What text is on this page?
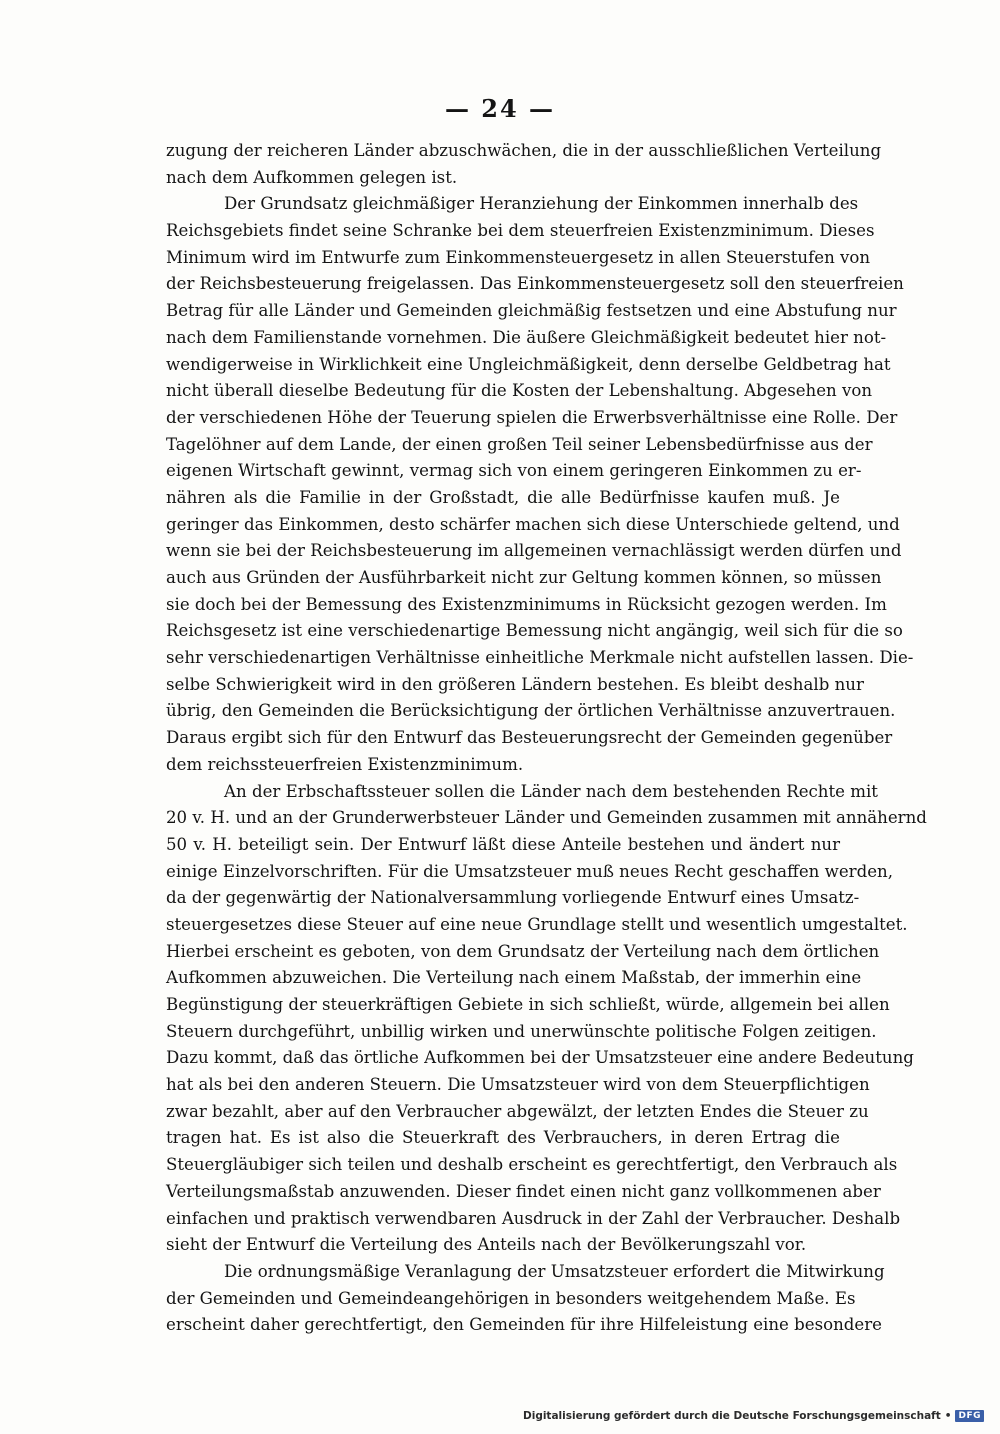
— 24 —
zugung der reicheren Länder abzuschwächen, die in der ausschließlichen Verteilung
nach dem Aufkommen gelegen ist.
Der Grundsatz gleichmäßiger Heranziehung der Einkommen innerhalb des
Reichsgebiets findet seine Schranke bei dem steuerfreien Existenzminimum. Dieses
Minimum wird im Entwurfe zum Einkommensteuergesetz in allen Steuerstufen von
der Reichsbesteuerung freigelassen. Das Einkommensteuergesetz soll den steuerfreien
Betrag für alle Länder und Gemeinden gleichmäßig festsetzen und eine Abstufung nur
nach dem Familienstande vornehmen. Die äußere Gleichmäßigkeit bedeutet hier not-
wendigerweise in Wirklichkeit eine Ungleichmäßigkeit, denn derselbe Geldbetrag hat
nicht überall dieselbe Bedeutung für die Kosten der Lebenshaltung. Abgesehen von
der verschiedenen Höhe der Teuerung spielen die Erwerbsverhältnisse eine Rolle. Der
Tagelöhner auf dem Lande, der einen großen Teil seiner Lebensbedürfnisse aus der
eigenen Wirtschaft gewinnt, vermag sich von einem geringeren Einkommen zu er-
nähren als die Familie in der Großstadt, die alle Bedürfnisse kaufen muß. Je
geringer das Einkommen, desto schärfer machen sich diese Unterschiede geltend, und
wenn sie bei der Reichsbesteuerung im allgemeinen vernachlässigt werden dürfen und
auch aus Gründen der Ausführbarkeit nicht zur Geltung kommen können, so müssen
sie doch bei der Bemessung des Existenzminimums in Rücksicht gezogen werden. Im
Reichsgesetz ist eine verschiedenartige Bemessung nicht angängig, weil sich für die so
sehr verschiedenartigen Verhältnisse einheitliche Merkmale nicht aufstellen lassen. Die-
selbe Schwierigkeit wird in den größeren Ländern bestehen. Es bleibt deshalb nur
übrig, den Gemeinden die Berücksichtigung der örtlichen Verhältnisse anzuvertrauen.
Daraus ergibt sich für den Entwurf das Besteuerungsrecht der Gemeinden gegenüber
dem reichssteuerfreien Existenzminimum.
An der Erbschaftssteuer sollen die Länder nach dem bestehenden Rechte mit
20 v. H. und an der Grunderwerbsteuer Länder und Gemeinden zusammen mit annähernd
50 v. H. beteiligt sein. Der Entwurf läßt diese Anteile bestehen und ändert nur
einige Einzelvorschriften. Für die Umsatzsteuer muß neues Recht geschaffen werden,
da der gegenwärtig der Nationalversammlung vorliegende Entwurf eines Umsatz-
steuergesetzes diese Steuer auf eine neue Grundlage stellt und wesentlich umgestaltet.
Hierbei erscheint es geboten, von dem Grundsatz der Verteilung nach dem örtlichen
Aufkommen abzuweichen. Die Verteilung nach einem Maßstab, der immerhin eine
Begünstigung der steuerkräftigen Gebiete in sich schließt, würde, allgemein bei allen
Steuern durchgeführt, unbillig wirken und unerwünschte politische Folgen zeitigen.
Dazu kommt, daß das örtliche Aufkommen bei der Umsatzsteuer eine andere Bedeutung
hat als bei den anderen Steuern. Die Umsatzsteuer wird von dem Steuerpflichtigen
zwar bezahlt, aber auf den Verbraucher abgewälzt, der letzten Endes die Steuer zu
tragen hat. Es ist also die Steuerkraft des Verbrauchers, in deren Ertrag die
Steuergläubiger sich teilen und deshalb erscheint es gerechtfertigt, den Verbrauch als
Verteilungsmaßstab anzuwenden. Dieser findet einen nicht ganz vollkommenen aber
einfachen und praktisch verwendbaren Ausdruck in der Zahl der Verbraucher. Deshalb
sieht der Entwurf die Verteilung des Anteils nach der Bevölkerungszahl vor.
Die ordnungsmäßige Veranlagung der Umsatzsteuer erfordert die Mitwirkung
der Gemeinden und Gemeindeangehörigen in besonders weitgehendem Maße. Es
erscheint daher gerechtfertigt, den Gemeinden für ihre Hilfeleistung eine besondere
Digitalisierung gefördert durch die Deutsche Forschungsgemeinschaft • DFG
